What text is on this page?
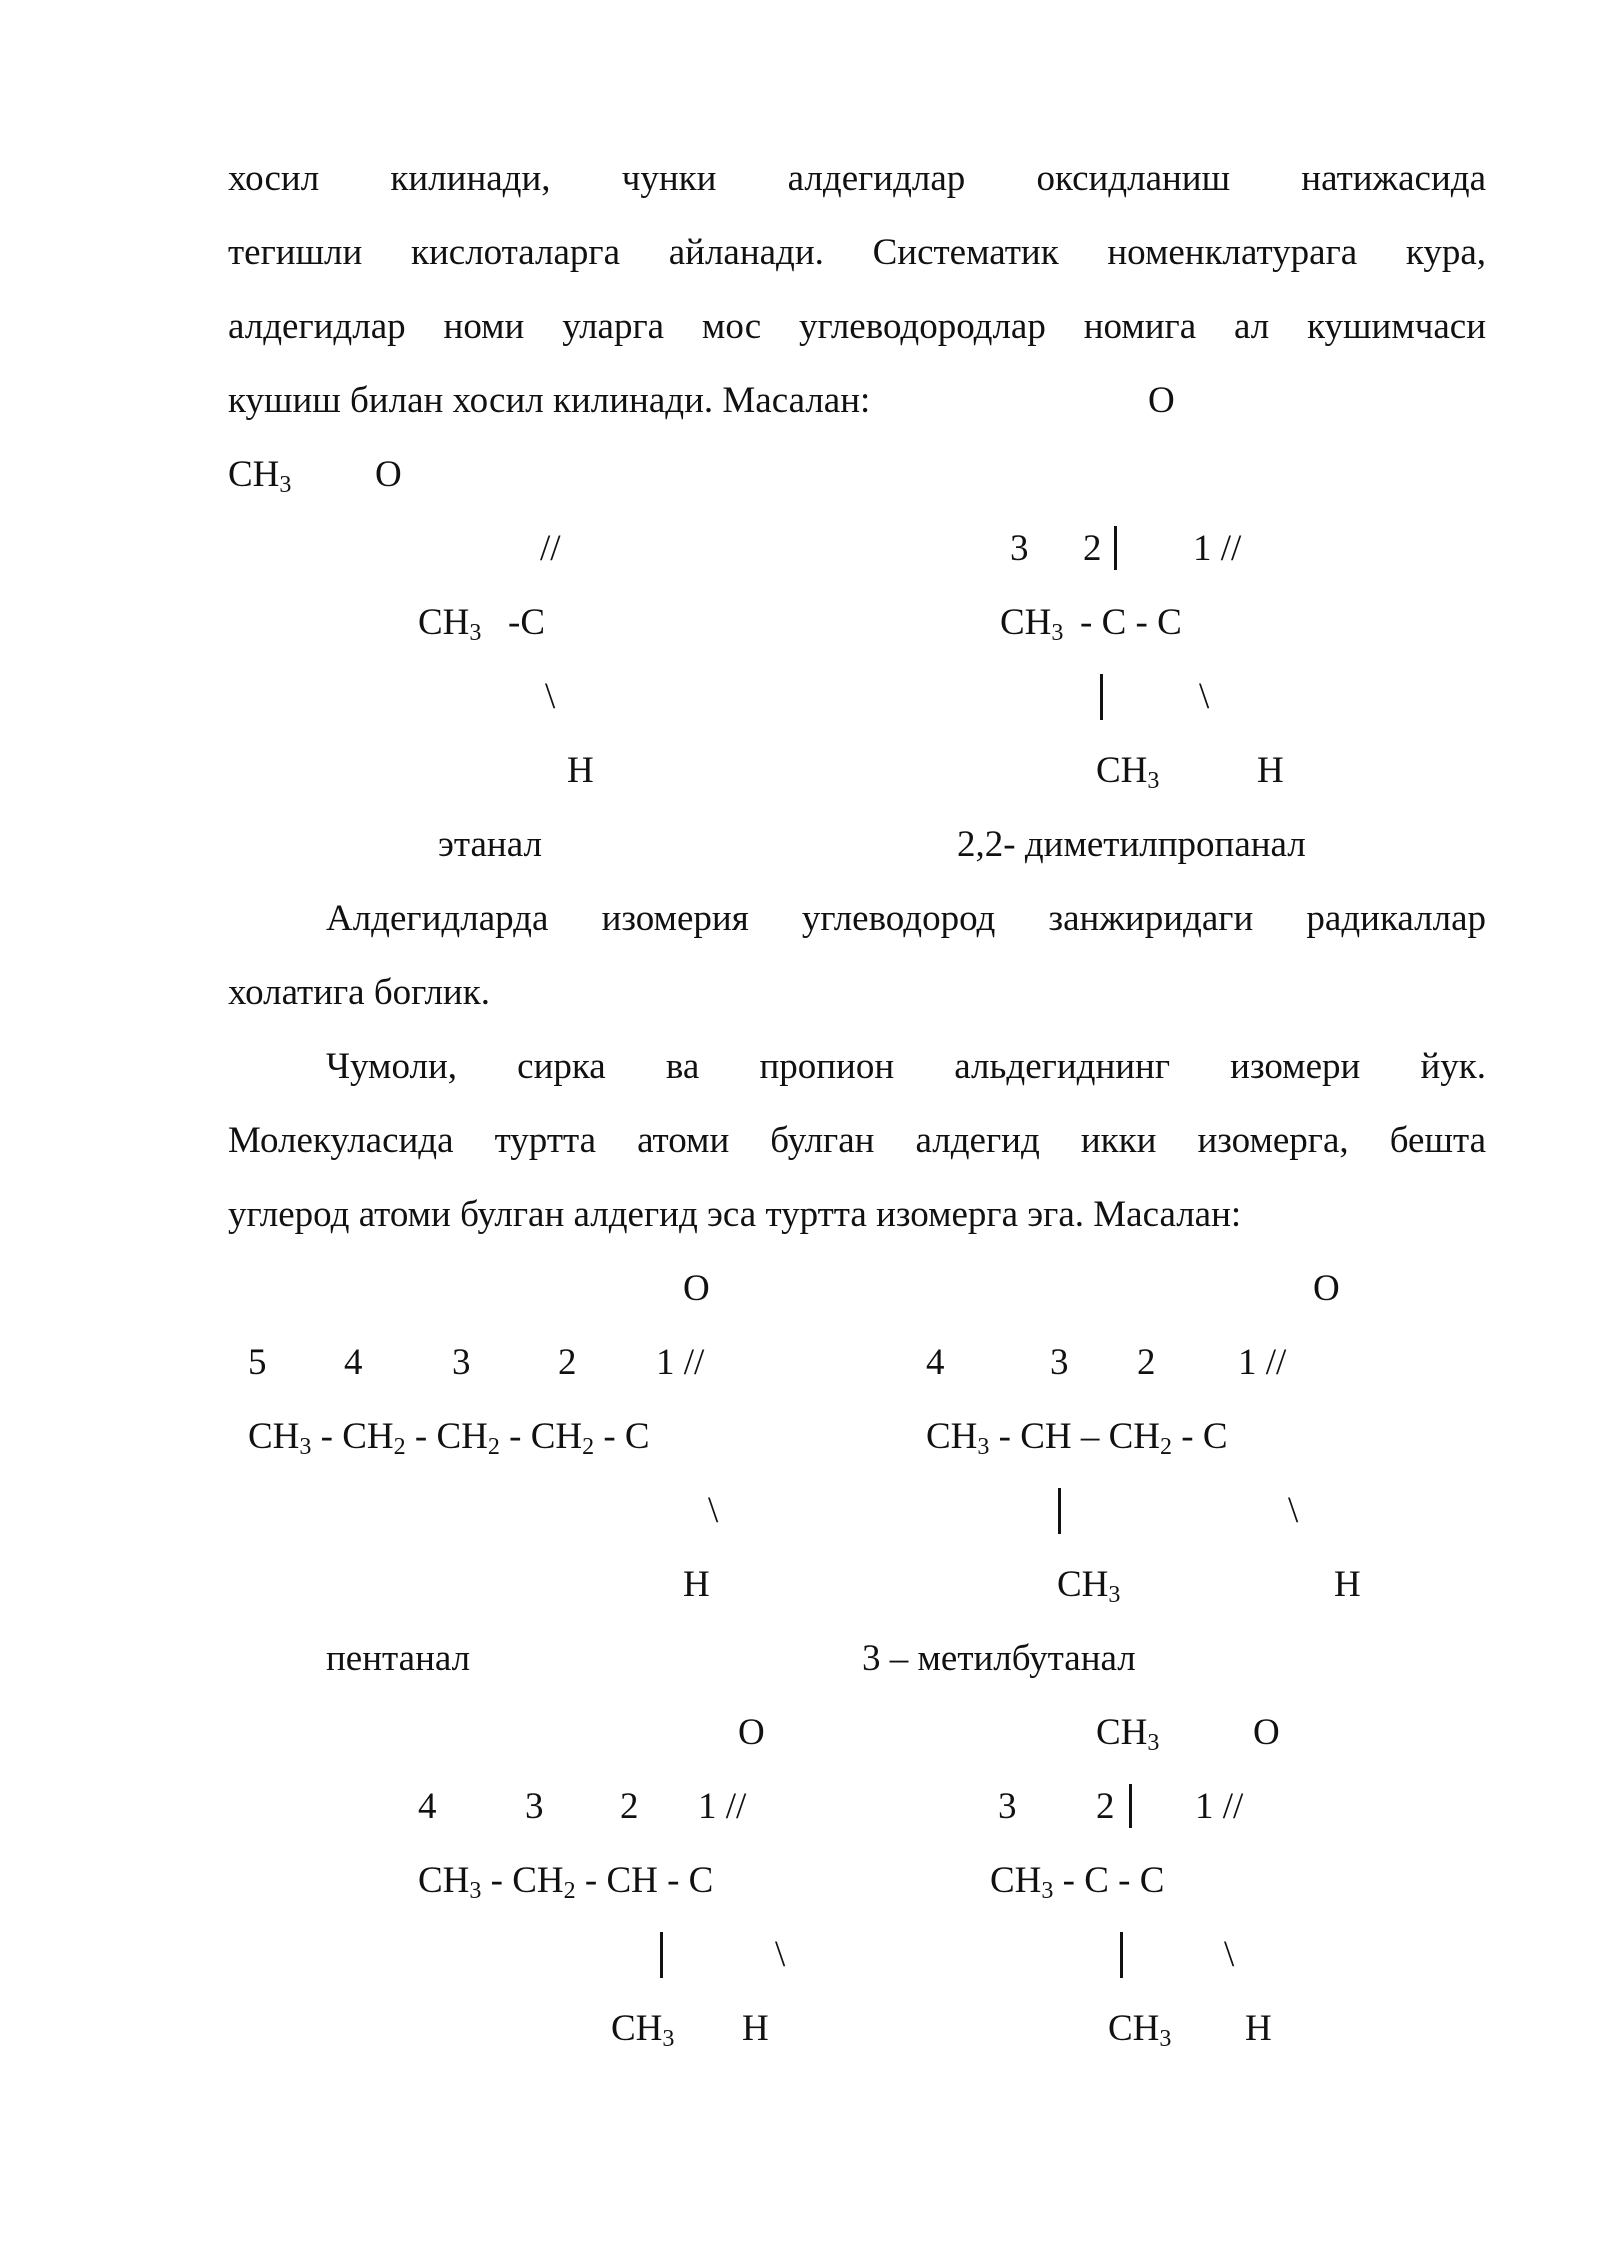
хосил килинади, чунки алдегидлар оксидланиш натижасида
тегишли кислоталарга айланади. Систематик номенклатурага кура,
алдегидлар номи уларга мос углеводородлар номига ал кушимчаси
кушиш билан хосил килинади. Масалан:	О
$CH_3$ О
//
$CH_3$ -C
\
H
этанал
3 2 1 //
$CH_3$ - C - C
\
$CH_3$	H
2,2- диметилпропанал
Алдегидларда изомерия углеводород занжиридаги радикаллар
холатига боглик.
Чумоли, сирка ва пропион альдегиднинг изомери йук.
Молекуласида туртта атоми булган алдегид икки изомерга, бешта
углерод атоми булган алдегид эса туртта изомерга эга. Масалан:
О
5 4 3 2 1 //
$CH_3 - CH_2 - CH_2 - CH_2$ - C
\
H
пентанал
О
4	3 2 1 //
$CH_3$ - CH – $CH_2$ - C
\
$CH_3$	H
3 – метилбутанал
О
4 3 2 1 //
$CH_3 - CH_2$ - CH - C
\
$CH_3$ H
$CH_3$	О
3 2 1 //
$CH_3$ - C - C
\
$CH_3$ H
